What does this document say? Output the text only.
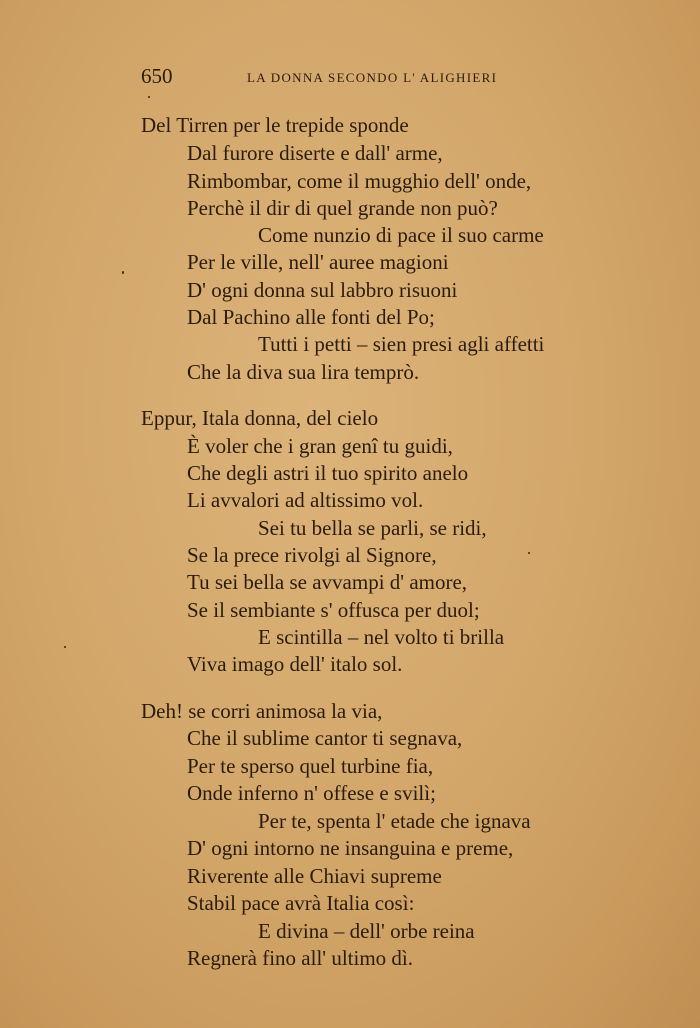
650	LA DONNA SECONDO L' ALIGHIERI
Del Tirren per le trepide sponde
Dal furore diserte e dall' arme,
Rimbombar, come il mugghio dell' onde,
Perchè il dir di quel grande non può?
Come nunzio di pace il suo carme
Per le ville, nell' auree magioni
D' ogni donna sul labbro risuoni
Dal Pachino alle fonti del Po;
Tutti i petti – sien presi agli affetti
Che la diva sua lira temprò.
Eppur, Itala donna, del cielo
È voler che i gran genî tu guidi,
Che degli astri il tuo spirito anelo
Li avvalori ad altissimo vol.
Sei tu bella se parli, se ridi,
Se la prece rivolgi al Signore,
Tu sei bella se avvampi d' amore,
Se il sembiante s' offusca per duol;
E scintilla – nel volto ti brilla
Viva imago dell' italo sol.
Deh! se corri animosa la via,
Che il sublime cantor ti segnava,
Per te sperso quel turbine fia,
Onde inferno n' offese e svilì;
Per te, spenta l' etade che ignava
D' ogni intorno ne insanguina e preme,
Riverente alle Chiavi supreme
Stabil pace avrà Italia così:
E divina – dell' orbe reina
Regnerà fino all' ultimo dì.
